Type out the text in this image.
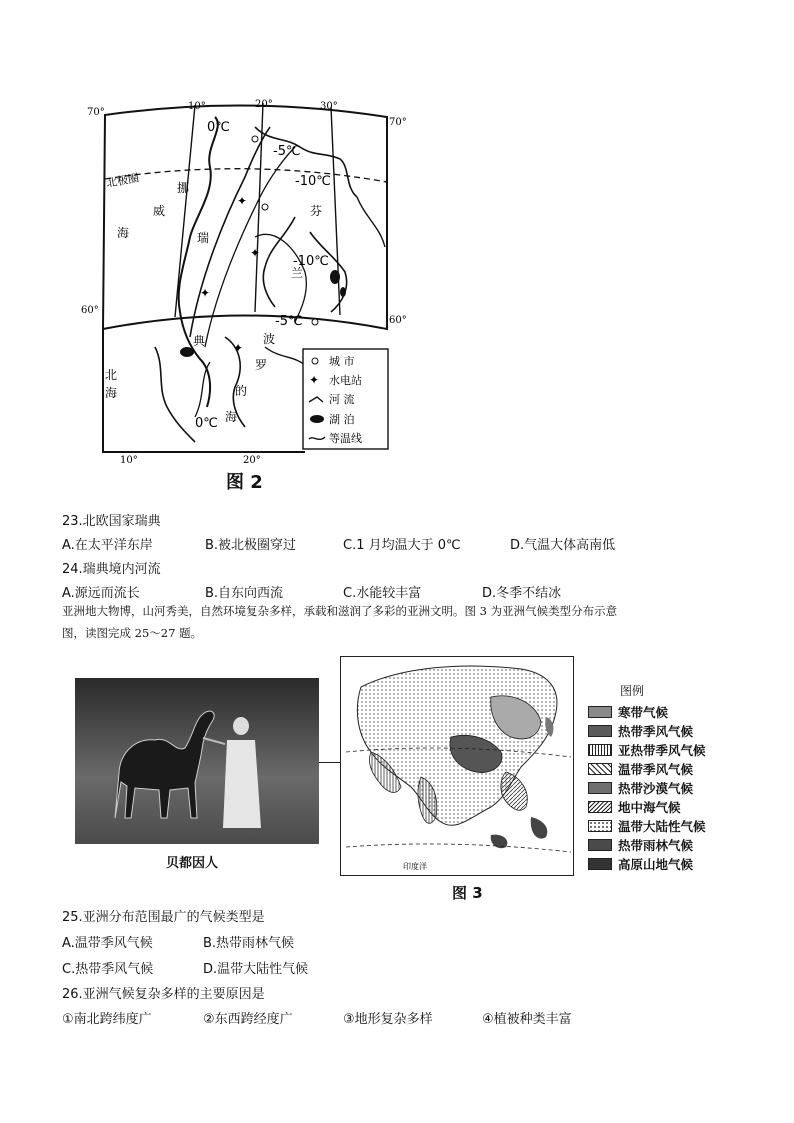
✦
✦
✦
✦
10°	20°	30°
70°
70°
60°
60°
10°	20°
北极圈
0℃
-5℃
-10℃
-10℃
-5℃
0℃
挪
威
海
芬
兰
波
罗
的
海
北
海
瑞
典
城 市
✦ 水电站
河 流
湖 泊
等温线
图 2
23.北欧国家瑞典
A.在太平洋东岸	B.被北极圈穿过	C.1 月均温大于 0℃	D.气温大体高南低
24.瑞典境内河流
A.源远而流长	B.自东向西流	C.水能较丰富	D.冬季不结冰
亚洲地大物博，山河秀美，自然环境复杂多样，承载和滋润了多彩的亚洲文明。图 3 为亚洲气候类型分布示意
图，读图完成 25～27 题。
贝都因人	印度洋
图例
寒带气候
热带季风气候
亚热带季风气候
温带季风气候
热带沙漠气候
地中海气候
温带大陆性气候
热带雨林气候
高原山地气候
图 3
25.亚洲分布范围最广的气候类型是
A.温带季风气候	B.热带雨林气候
C.热带季风气候	D.温带大陆性气候
26.亚洲气候复杂多样的主要原因是
①南北跨纬度广	②东西跨经度广	③地形复杂多样	④植被种类丰富
